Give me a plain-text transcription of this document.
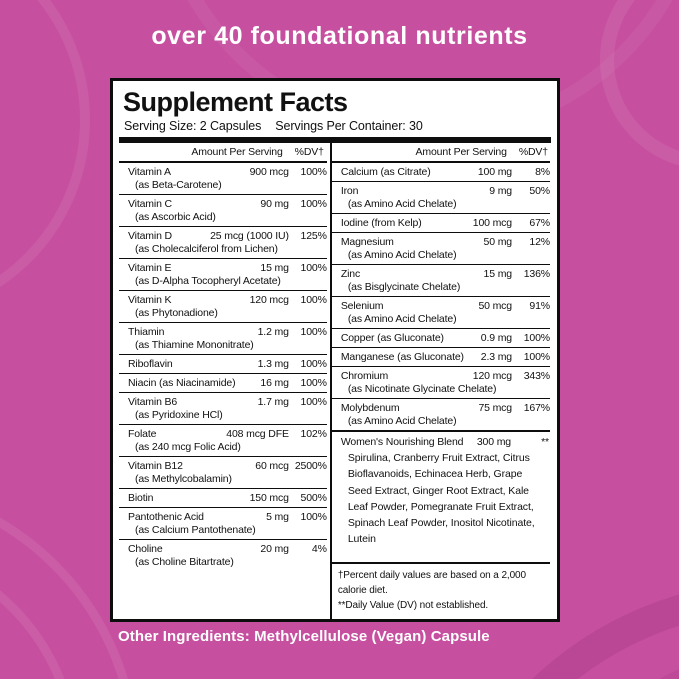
over 40 foundational nutrients
Supplement Facts
Serving Size: 2 Capsules Servings Per Container: 30
Amount Per Serving %DV†
Vitamin A	900 mcg	100%
(as Beta-Carotene)
Vitamin C	90 mg	100%
(as Ascorbic Acid)
Vitamin D	25 mcg (1000 IU)	125%
(as Cholecalciferol from Lichen)
Vitamin E	15 mg	100%
(as D-Alpha Tocopheryl Acetate)
Vitamin K	120 mcg	100%
(as Phytonadione)
Thiamin	1.2 mg	100%
(as Thiamine Mononitrate)
Riboflavin	1.3 mg	100%
Niacin (as Niacinamide)	16 mg	100%
Vitamin B6	1.7 mg	100%
(as Pyridoxine HCl)
Folate	408 mcg DFE	102%
(as 240 mcg Folic Acid)
Vitamin B12	60 mcg 2500%
(as Methylcobalamin)
Biotin	150 mcg	500%
Pantothenic Acid	5 mg	100%
(as Calcium Pantothenate)
Choline	20 mg	4%
(as Choline Bitartrate)
Amount Per Serving %DV†
Calcium (as Citrate)	100 mg	8%
Iron	9 mg	50%
(as Amino Acid Chelate)
Iodine (from Kelp)	100 mcg	67%
Magnesium	50 mg	12%
(as Amino Acid Chelate)
Zinc	15 mg	136%
(as Bisglycinate Chelate)
Selenium	50 mcg	91%
(as Amino Acid Chelate)
Copper (as Gluconate)	0.9 mg	100%
Manganese (as Gluconate)	2.3 mg	100%
Chromium	120 mcg	343%
(as Nicotinate Glycinate Chelate)
Molybdenum	75 mcg	167%
(as Amino Acid Chelate)
Women's Nourishing Blend	300 mg	**
Spirulina, Cranberry Fruit Extract, Citrus Bioflavanoids, Echinacea Herb, Grape Seed Extract, Ginger Root Extract, Kale Leaf Powder, Pomegranate Fruit Extract, Spinach Leaf Powder, Inositol Nicotinate, Lutein
†Percent daily values are based on a 2,000 calorie diet.
**Daily Value (DV) not established.
Other Ingredients: Methylcellulose (Vegan) Capsule
